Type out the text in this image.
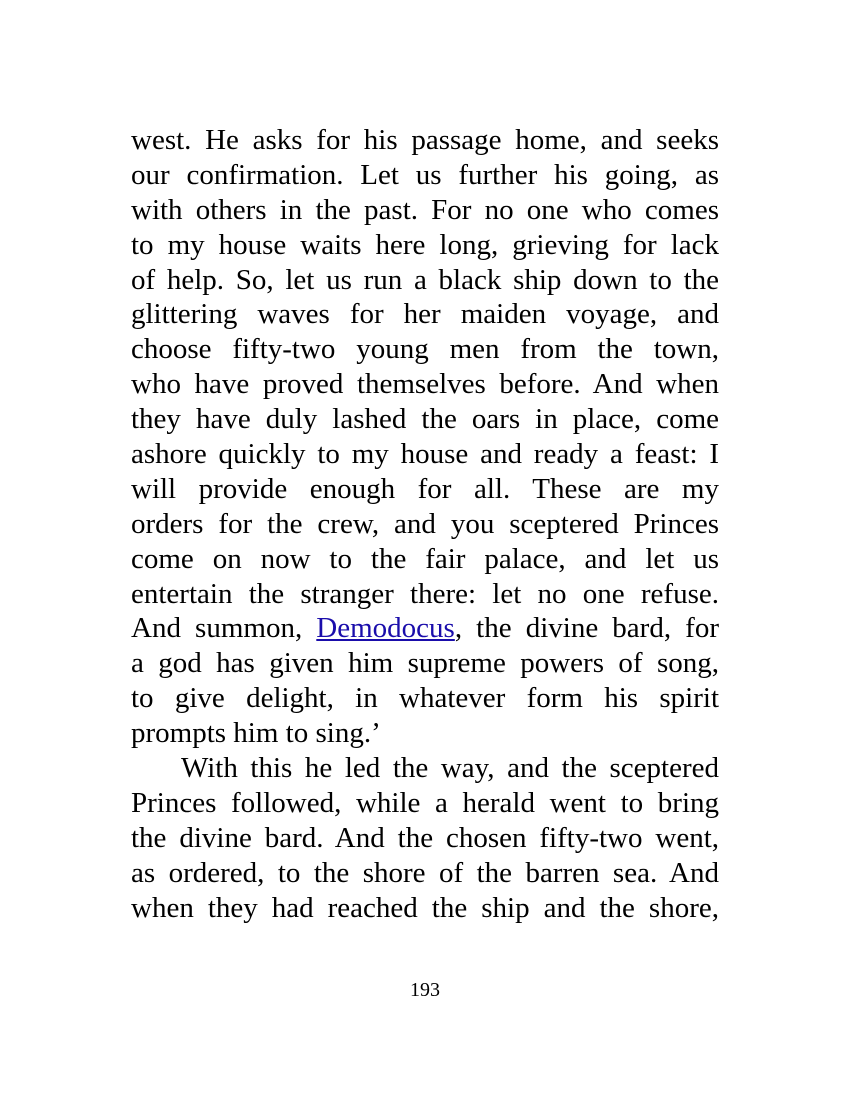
west. He asks for his passage home, and seeks
our confirmation. Let us further his going, as
with others in the past. For no one who comes
to my house waits here long, grieving for lack
of help. So, let us run a black ship down to the
glittering waves for her maiden voyage, and
choose fifty-two young men from the town,
who have proved themselves before. And when
they have duly lashed the oars in place, come
ashore quickly to my house and ready a feast: I
will provide enough for all. These are my
orders for the crew, and you sceptered Princes
come on now to the fair palace, and let us
entertain the stranger there: let no one refuse.
And summon, Demodocus, the divine bard, for
a god has given him supreme powers of song,
to give delight, in whatever form his spirit
prompts him to sing.’
With this he led the way, and the sceptered
Princes followed, while a herald went to bring
the divine bard. And the chosen fifty-two went,
as ordered, to the shore of the barren sea. And
when they had reached the ship and the shore,
193
